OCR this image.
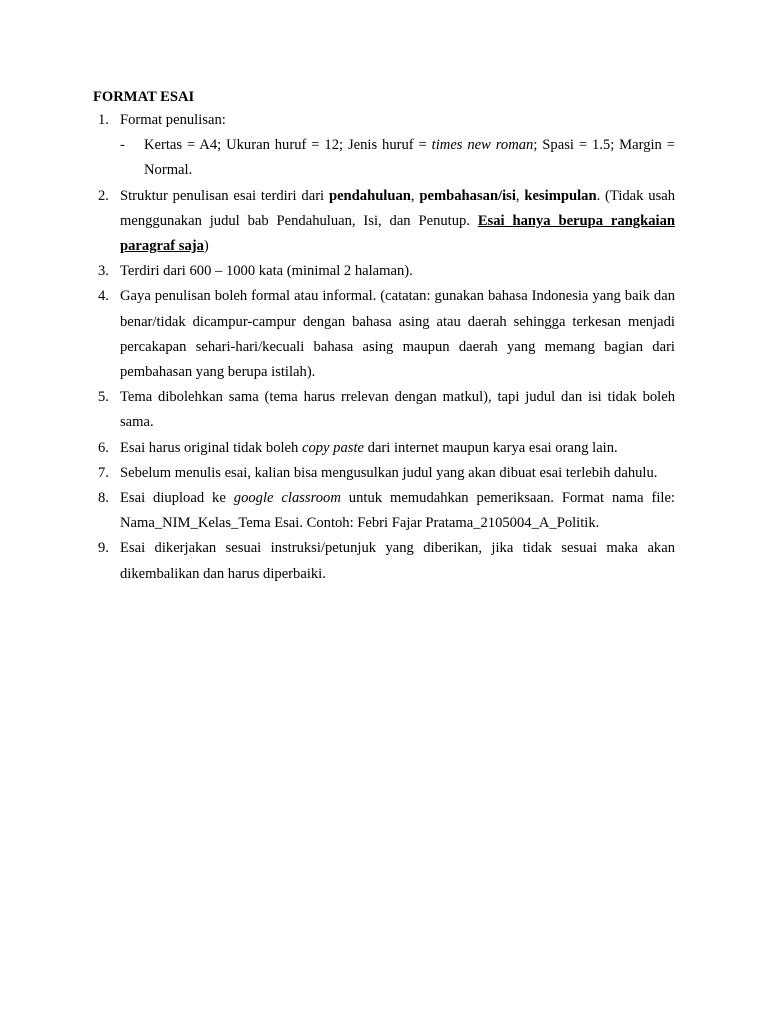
FORMAT ESAI
1. Format penulisan:
- Kertas = A4; Ukuran huruf = 12; Jenis huruf = times new roman; Spasi = 1.5; Margin = Normal.
2. Struktur penulisan esai terdiri dari pendahuluan, pembahasan/isi, kesimpulan. (Tidak usah menggunakan judul bab Pendahuluan, Isi, dan Penutup. Esai hanya berupa rangkaian paragraf saja)
3. Terdiri dari 600 – 1000 kata (minimal 2 halaman).
4. Gaya penulisan boleh formal atau informal. (catatan: gunakan bahasa Indonesia yang baik dan benar/tidak dicampur-campur dengan bahasa asing atau daerah sehingga terkesan menjadi percakapan sehari-hari/kecuali bahasa asing maupun daerah yang memang bagian dari pembahasan yang berupa istilah).
5. Tema dibolehkan sama (tema harus rrelevan dengan matkul), tapi judul dan isi tidak boleh sama.
6. Esai harus original tidak boleh copy paste dari internet maupun karya esai orang lain.
7. Sebelum menulis esai, kalian bisa mengusulkan judul yang akan dibuat esai terlebih dahulu.
8. Esai diupload ke google classroom untuk memudahkan pemeriksaan. Format nama file: Nama_NIM_Kelas_Tema Esai. Contoh: Febri Fajar Pratama_2105004_A_Politik.
9. Esai dikerjakan sesuai instruksi/petunjuk yang diberikan, jika tidak sesuai maka akan dikembalikan dan harus diperbaiki.
